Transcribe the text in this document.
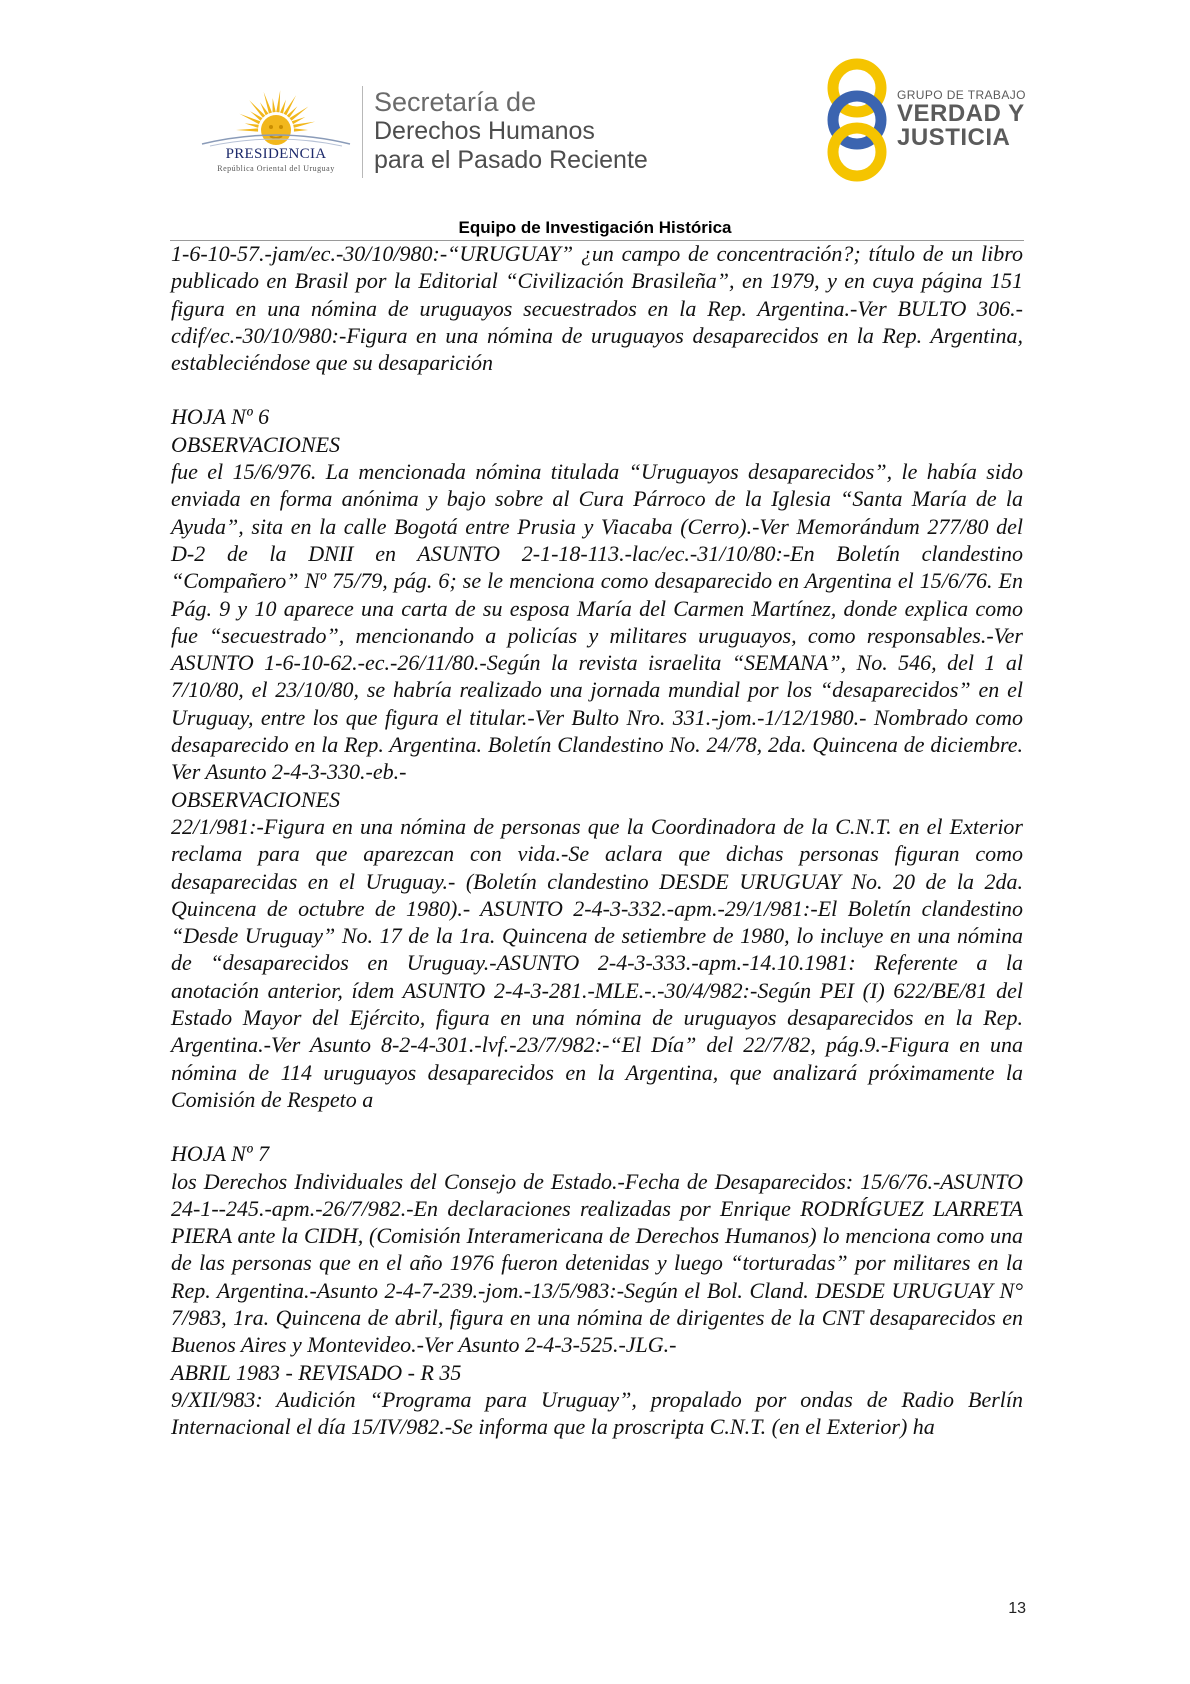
PRESIDENCIA
República Oriental del Uruguay
Secretaría de
Derechos Humanos
para el Pasado Reciente
GRUPO DE TRABAJO
VERDAD Y
JUSTICIA
Equipo de Investigación Histórica

1-6-10-57.-jam/ec.-30/10/980:-“URUGUAY” ¿un campo de concentración?; título de un libro publicado en Brasil por la Editorial “Civilización Brasileña”, en 1979, y en cuya página 151 figura en una nómina de uruguayos secuestrados en la Rep. Argentina.-Ver BULTO 306.-cdif/ec.-30/10/980:-Figura en una nómina de uruguayos desaparecidos en la Rep. Argentina, estableciéndose que su desaparición

HOJA Nº 6

OBSERVACIONES

fue el 15/6/976. La mencionada nómina titulada “Uruguayos desaparecidos”, le había sido enviada en forma anónima y bajo sobre al Cura Párroco de la Iglesia “Santa María de la Ayuda”, sita en la calle Bogotá entre Prusia y Viacaba (Cerro).-Ver Memorándum 277/80 del D-2 de la DNII en ASUNTO 2-1-18-113.-lac/ec.-31/10/80:-En Boletín clandestino “Compañero” Nº 75/79, pág. 6; se le menciona como desaparecido en Argentina el 15/6/76. En Pág. 9 y 10 aparece una carta de su esposa María del Carmen Martínez, donde explica como fue “secuestrado”, mencionando a policías y militares uruguayos, como responsables.-Ver ASUNTO 1-6-10-62.-ec.-26/11/80.-Según la revista israelita “SEMANA”, No. 546, del 1 al 7/10/80, el 23/10/80, se habría realizado una jornada mundial por los “desaparecidos” en el Uruguay, entre los que figura el titular.-Ver Bulto Nro. 331.-jom.-1/12/1980.- Nombrado como desaparecido en la Rep. Argentina. Boletín Clandestino No. 24/78, 2da. Quincena de diciembre. Ver Asunto 2-4-3-330.-eb.-

OBSERVACIONES

22/1/981:-Figura en una nómina de personas que la Coordinadora de la C.N.T. en el Exterior reclama para que aparezcan con vida.-Se aclara que dichas personas figuran como desaparecidas en el Uruguay.- (Boletín clandestino DESDE URUGUAY No. 20 de la 2da. Quincena de octubre de 1980).- ASUNTO 2-4-3-332.-apm.-29/1/981:-El Boletín clandestino “Desde Uruguay” No. 17 de la 1ra. Quincena de setiembre de 1980, lo incluye en una nómina de “desaparecidos en Uruguay.-ASUNTO 2-4-3-333.-apm.-14.10.1981: Referente a la anotación anterior, ídem ASUNTO 2-4-3-281.-MLE.-.-30/4/982:-Según PEI (I) 622/BE/81 del Estado Mayor del Ejército, figura en una nómina de uruguayos desaparecidos en la Rep. Argentina.-Ver Asunto 8-2-4-301.-lvf.-23/7/982:-“El Día” del 22/7/82, pág.9.-Figura en una nómina de 114 uruguayos desaparecidos en la Argentina, que analizará próximamente la Comisión de Respeto a

HOJA Nº 7

los Derechos Individuales del Consejo de Estado.-Fecha de Desaparecidos: 15/6/76.-ASUNTO 24-1--245.-apm.-26/7/982.-En declaraciones realizadas por Enrique RODRÍGUEZ LARRETA PIERA ante la CIDH, (Comisión Interamericana de Derechos Humanos) lo menciona como una de las personas que en el año 1976 fueron detenidas y luego “torturadas” por militares en la Rep. Argentina.-Asunto 2-4-7-239.-jom.-13/5/983:-Según el Bol. Cland. DESDE URUGUAY N° 7/983, 1ra. Quincena de abril, figura en una nómina de dirigentes de la CNT desaparecidos en Buenos Aires y Montevideo.-Ver Asunto 2-4-3-525.-JLG.-

ABRIL 1983 - REVISADO - R 35

9/XII/983: Audición “Programa para Uruguay”, propalado por ondas de Radio Berlín Internacional el día 15/IV/982.-Se informa que la proscripta C.N.T. (en el Exterior) ha

13
